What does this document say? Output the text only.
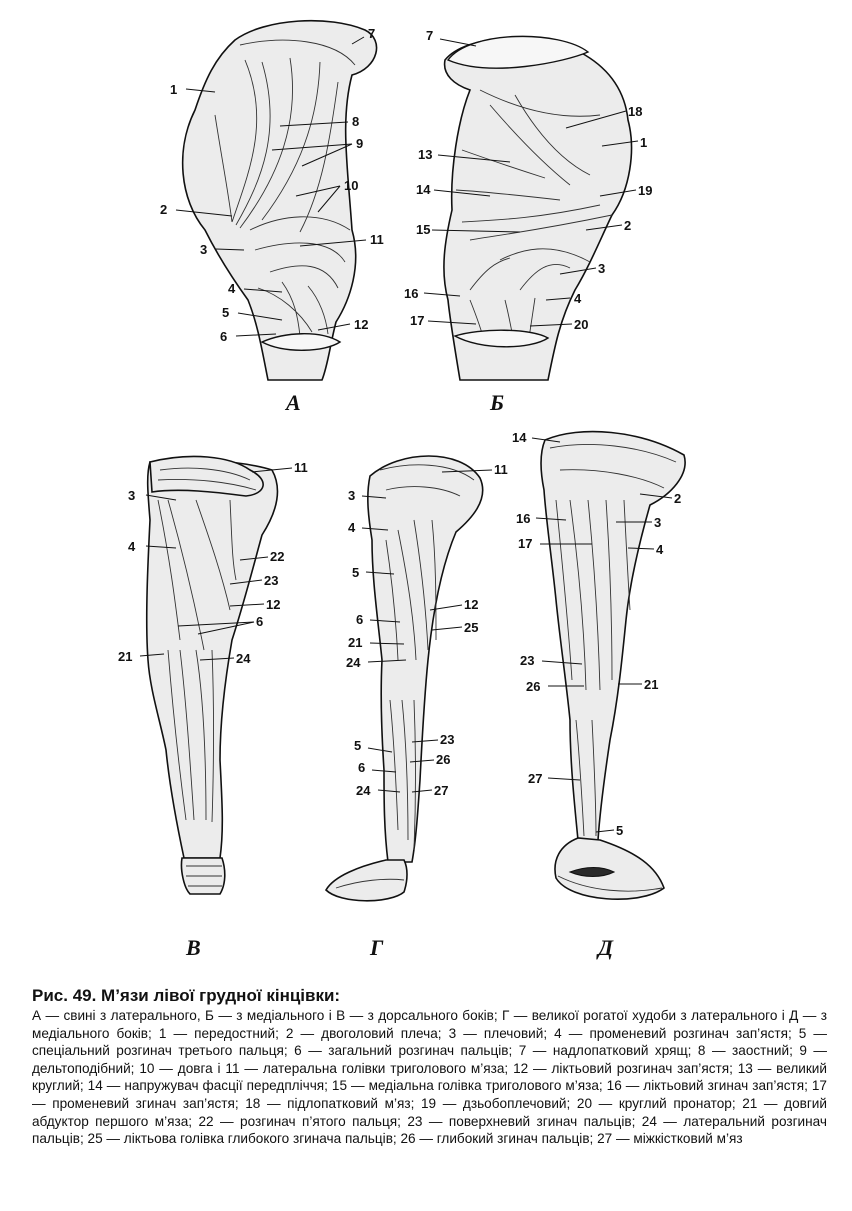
7
1
8
9
10
2
11
3
4
5
12
6
А
7
18
1
13
14	19
15	2
3
16	4
17	20
Б
11
3
4
22
23
12
6
21	24
В
11
3
4
5
6
12
25
21
24
23
5
26
6
24	27
Г
14
2
16	3
17	4
23
21
26
27
5
Д
Рис. 49. М’язи лівої грудної кінцівки:
А — свині з латерального, Б — з медіального і В — з дорсального боків; Г — великої рогатої худоби з латерального і Д — з медіального боків; 1 — передостний; 2 — двоголовий плеча; 3 — плечовий; 4 — променевий розгинач зап’ястя; 5 — спеціальний розгинач третього пальця; 6 — загальний розгинач пальців; 7 — надлопатковий хрящ; 8 — заостний; 9 — дельтоподібний; 10 — довга і 11 — латеральна голівки триголового м’яза; 12 — ліктьовий розгинач зап’ястя; 13 — великий круглий; 14 — напружувач фасції передпліччя; 15 — медіальна голівка триголового м’яза; 16 — ліктьовий згинач зап’ястя; 17 — променевий згинач зап’ястя; 18 — підлопатковий м’яз; 19 — дзьобоплечовий; 20 — круглий пронатор; 21 — довгий абдуктор першого м’яза; 22 — розгинач п’ятого пальця; 23 — поверхневий згинач пальців; 24 — латеральний розгинач пальців; 25 — ліктьова голівка глибокого згинача пальців; 26 — глибокий згинач пальців; 27 — міжкістковий м’яз
